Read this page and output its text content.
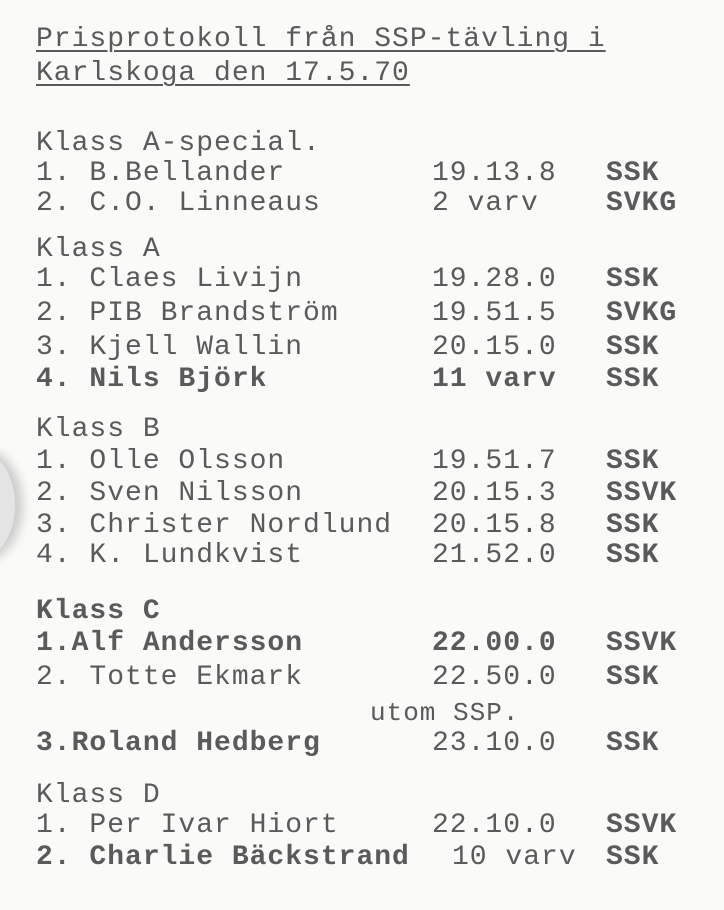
Prisprotokoll från SSP-tävling i
Karlskoga den 17.5.70
Klass A-special.
1. B.Bellander	19.13.8 SSK
2. C.O. Linneaus	2 varv SVKG
Klass A
1. Claes Livijn	19.28.0 SSK
2. PIB Brandström	19.51.5 SVKG
3. Kjell Wallin	20.15.0 SSK
4. Nils Björk	11 varv SSK
Klass B
1. Olle Olsson	19.51.7 SSK
2. Sven Nilsson	20.15.3 SSVK
3. Christer Nordlund 20.15.8 SSK
4. K. Lundkvist	21.52.0 SSK
Klass C
1.Alf Andersson	22.00.0 SSVK
2. Totte Ekmark	22.50.0 SSK
utom SSP.
3.Roland Hedberg	23.10.0 SSK
Klass D
1. Per Ivar Hiort	22.10.0 SSVK
2. Charlie Bäckstrand 10 varv SSK
